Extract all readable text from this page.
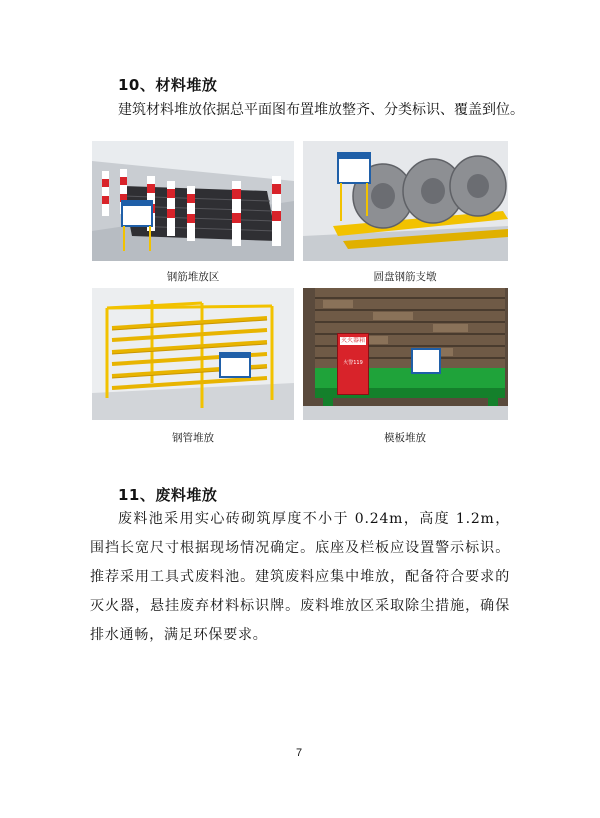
10、材料堆放
建筑材料堆放依据总平面图布置堆放整齐、分类标识、覆盖到位。
钢筋堆放区	圆盘钢筋支墩
钢管堆放
灭火器箱
火警119
模板堆放
11、废料堆放
废料池采用实心砖砌筑厚度不小于 0.24m，高度 1.2m，围挡长宽尺寸根据现场情况确定。底座及栏板应设置警示标识。推荐采用工具式废料池。建筑废料应集中堆放，配备符合要求的灭火器，悬挂废弃材料标识牌。废料堆放区采取除尘措施，确保排水通畅，满足环保要求。
7
